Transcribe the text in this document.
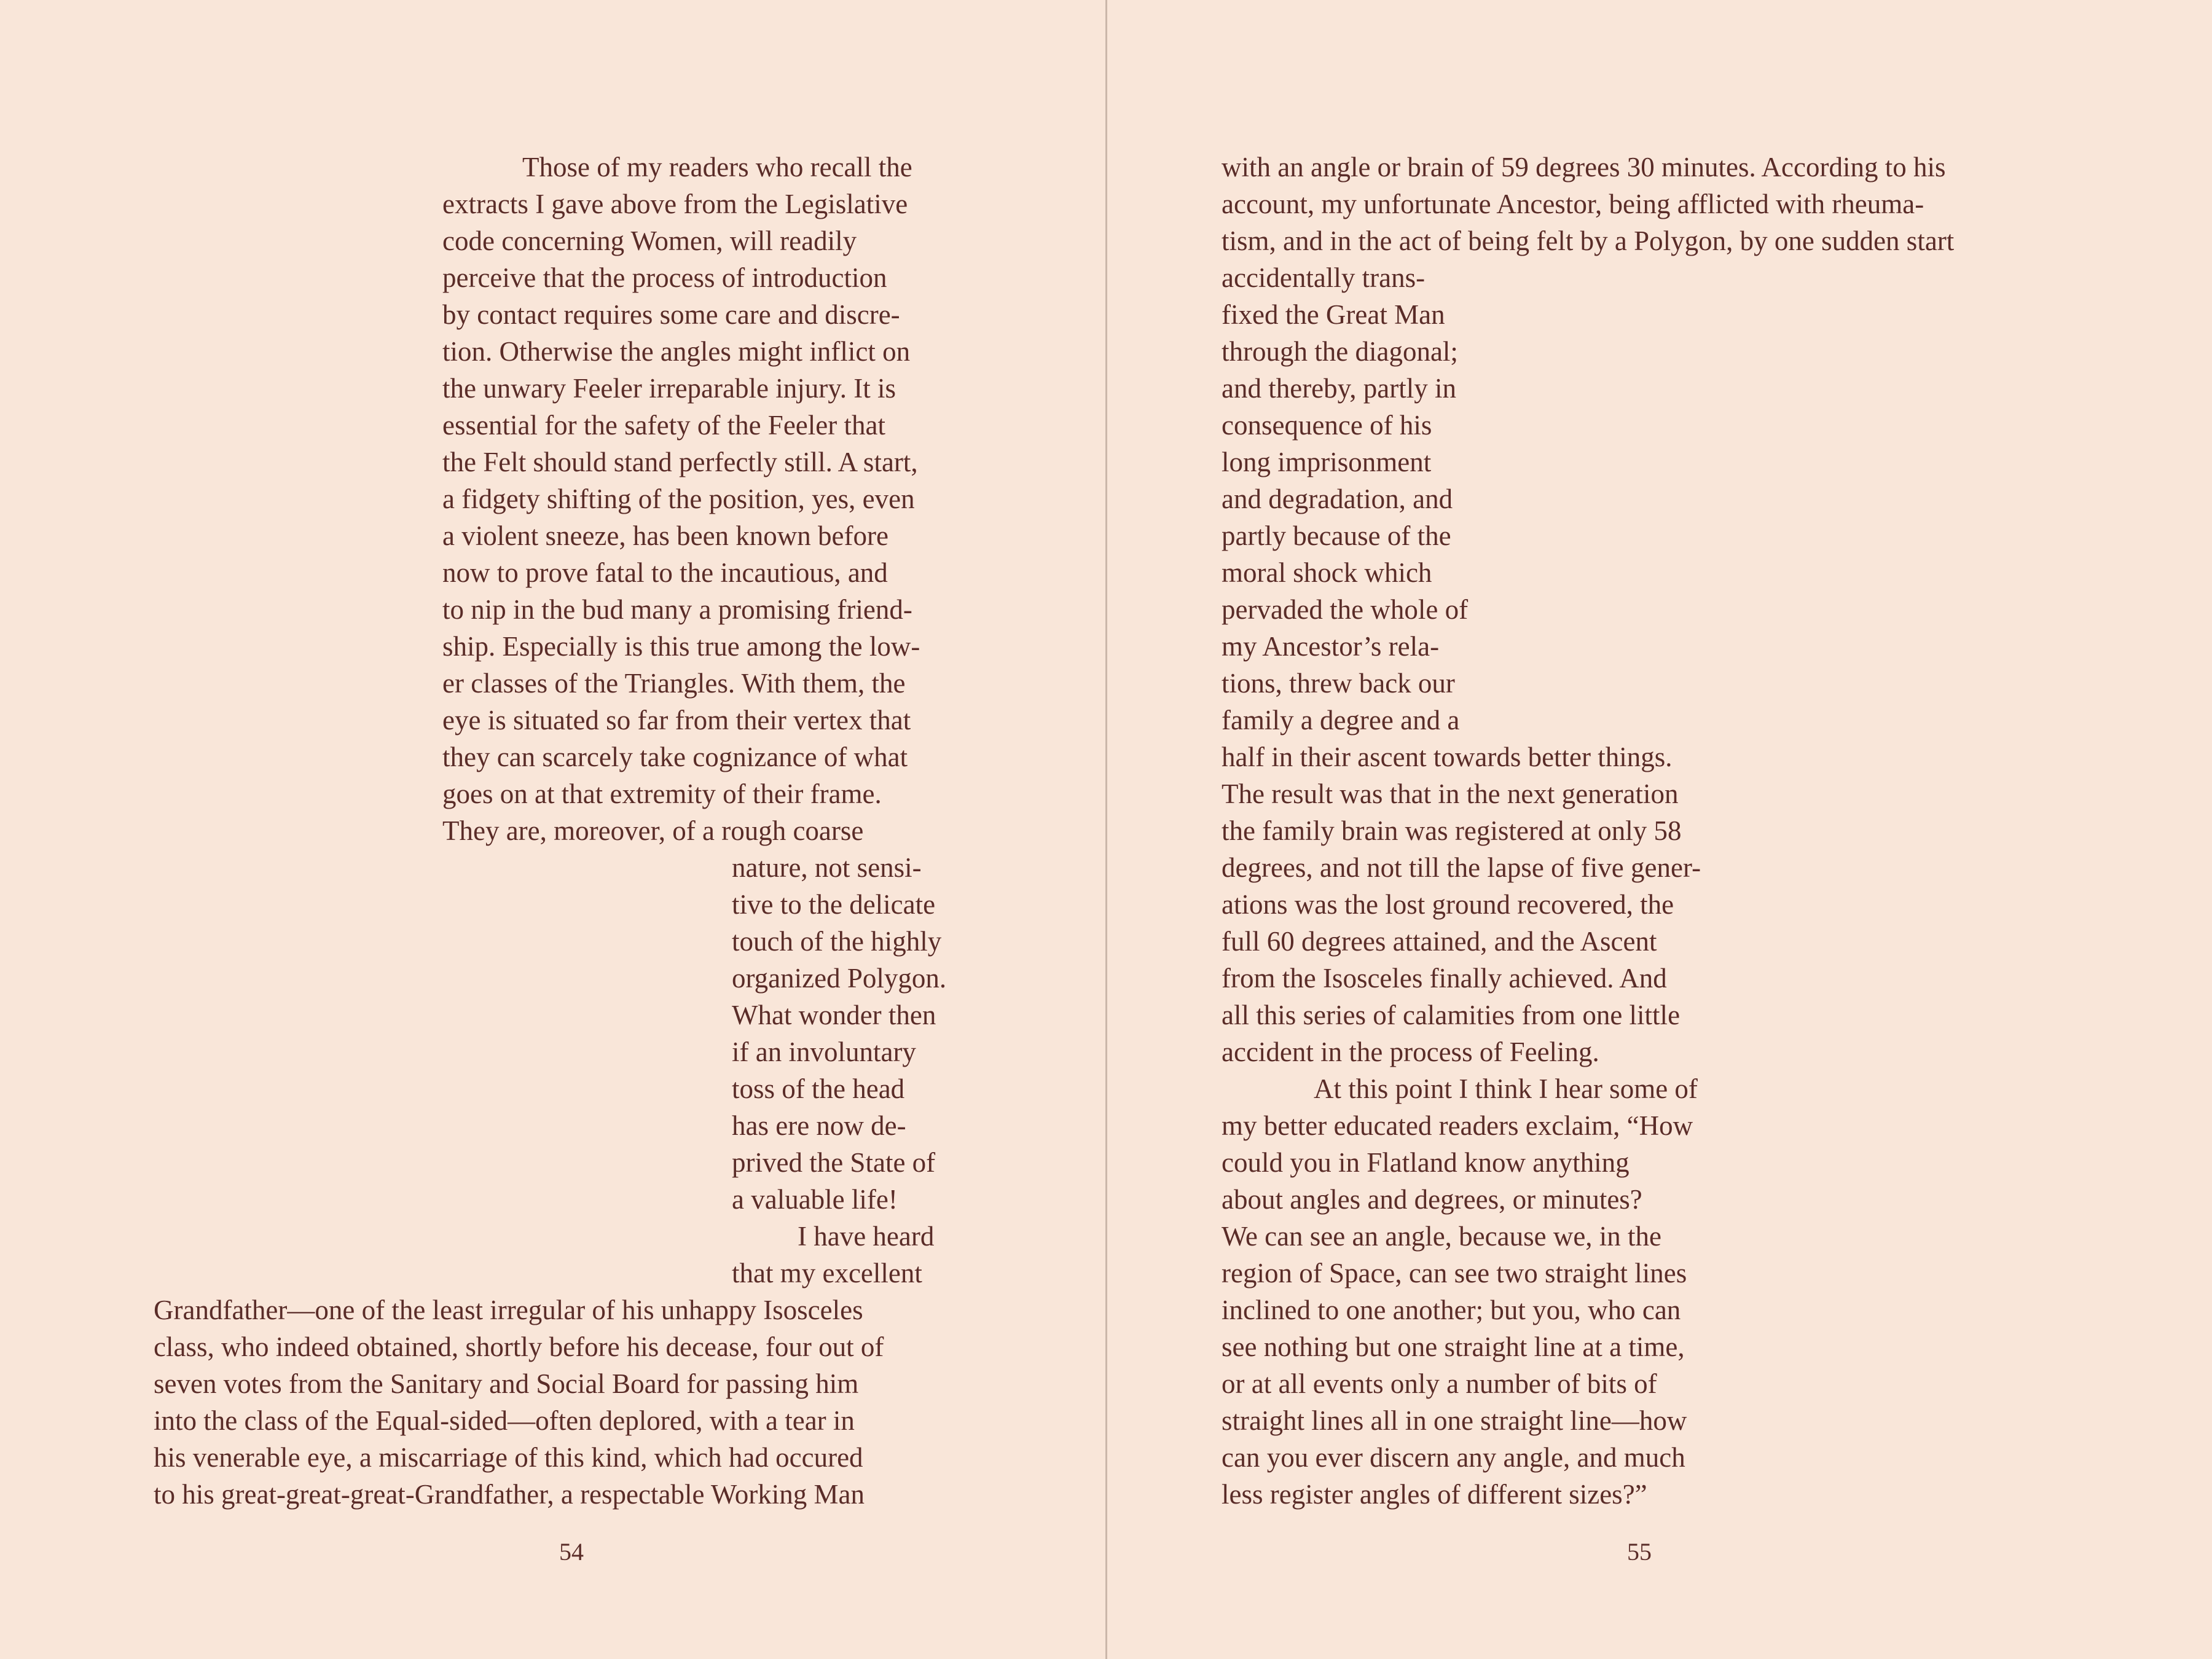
Those of my readers who recall the
extracts I gave above from the Legislative
code concerning Women, will readily
perceive that the process of introduction
by contact requires some care and discre-
tion. Otherwise the angles might inflict on
the unwary Feeler irreparable injury. It is
essential for the safety of the Feeler that
the Felt should stand perfectly still. A start,
a fidgety shifting of the position, yes, even
a violent sneeze, has been known before
now to prove fatal to the incautious, and
to nip in the bud many a promising friend-
ship. Especially is this true among the low-
er classes of the Triangles. With them, the
eye is situated so far from their vertex that
they can scarcely take cognizance of what
goes on at that extremity of their frame.
They are, moreover, of a rough coarse
nature, not sensi-
tive to the delicate
touch of the highly
organized Polygon.
What wonder then
if an involuntary
toss of the head
has ere now de-
prived the State of
a valuable life!
I have heard
that my excellent
Grandfather—one of the least irregular of his unhappy Isosceles
class, who indeed obtained, shortly before his decease, four out of
seven votes from the Sanitary and Social Board for passing him
into the class of the Equal-sided—often deplored, with a tear in
his venerable eye, a miscarriage of this kind, which had occured
to his great-great-great-Grandfather, a respectable Working Man
54
with an angle or brain of 59 degrees 30 minutes. According to his
account, my unfortunate Ancestor, being afflicted with rheuma-
tism, and in the act of being felt by a Polygon, by one sudden start
accidentally trans-
fixed the Great Man
through the diagonal;
and thereby, partly in
consequence of his
long imprisonment
and degradation, and
partly because of the
moral shock which
pervaded the whole of
my Ancestor’s rela-
tions, threw back our
family a degree and a
half in their ascent towards better things.
The result was that in the next generation
the family brain was registered at only 58
degrees, and not till the lapse of five gener-
ations was the lost ground recovered, the
full 60 degrees attained, and the Ascent
from the Isosceles finally achieved. And
all this series of calamities from one little
accident in the process of Feeling.
At this point I think I hear some of
my better educated readers exclaim, “How
could you in Flatland know anything
about angles and degrees, or minutes?
We can see an angle, because we, in the
region of Space, can see two straight lines
inclined to one another; but you, who can
see nothing but one straight line at a time,
or at all events only a number of bits of
straight lines all in one straight line—how
can you ever discern any angle, and much
less register angles of different sizes?”
55
